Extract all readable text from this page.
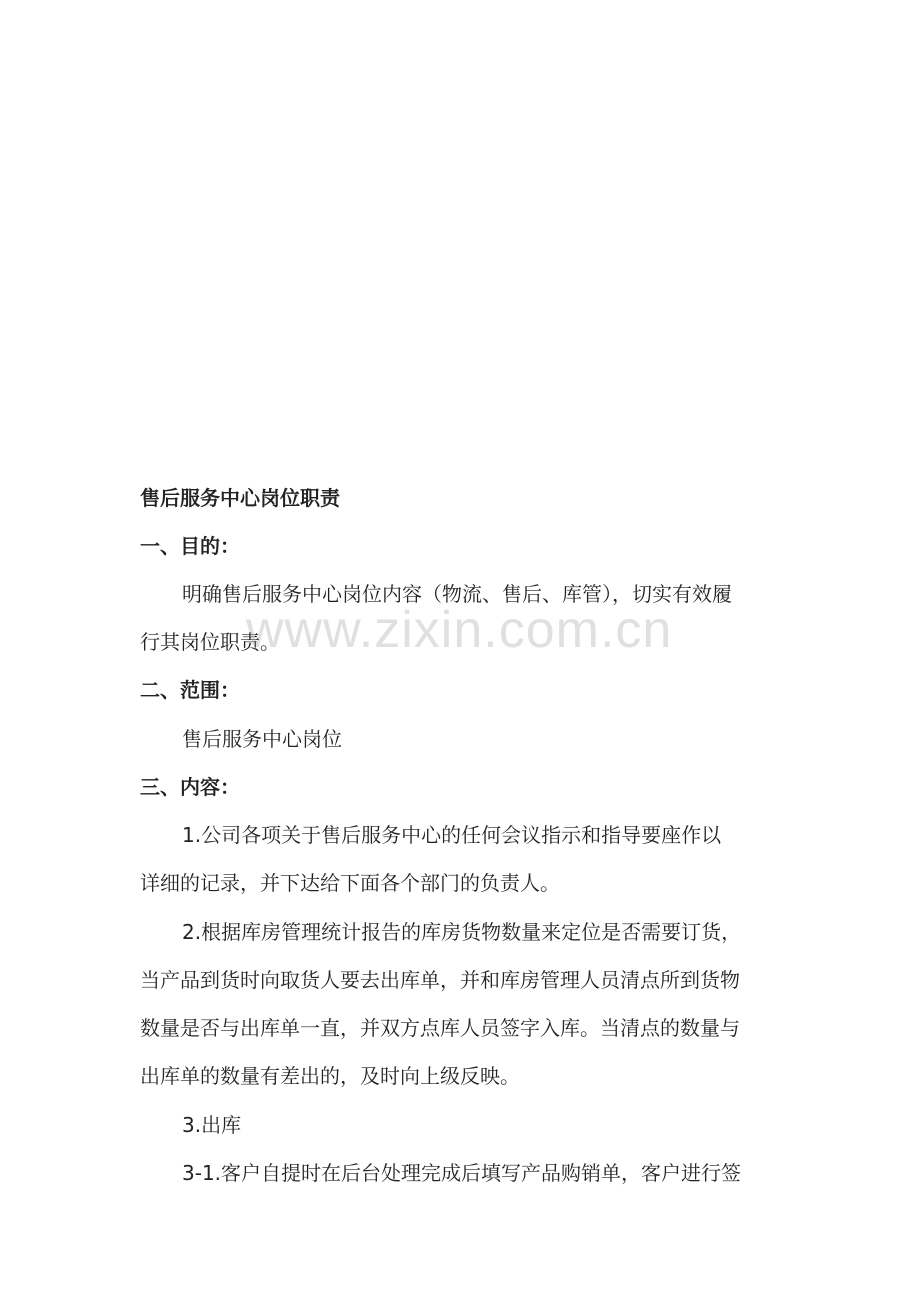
售后服务中心岗位职责
一、目的：
明确售后服务中心岗位内容（物流、售后、库管），切实有效履
行其岗位职责。
二、范围：
售后服务中心岗位
三、内容：
1.公司各项关于售后服务中心的任何会议指示和指导要座作以
详细的记录，并下达给下面各个部门的负责人。
2.根据库房管理统计报告的库房货物数量来定位是否需要订货，
当产品到货时向取货人要去出库单，并和库房管理人员清点所到货物
数量是否与出库单一直，并双方点库人员签字入库。当清点的数量与
出库单的数量有差出的，及时向上级反映。
3.出库
3-1.客户自提时在后台处理完成后填写产品购销单，客户进行签
www.zixin.com.cn
